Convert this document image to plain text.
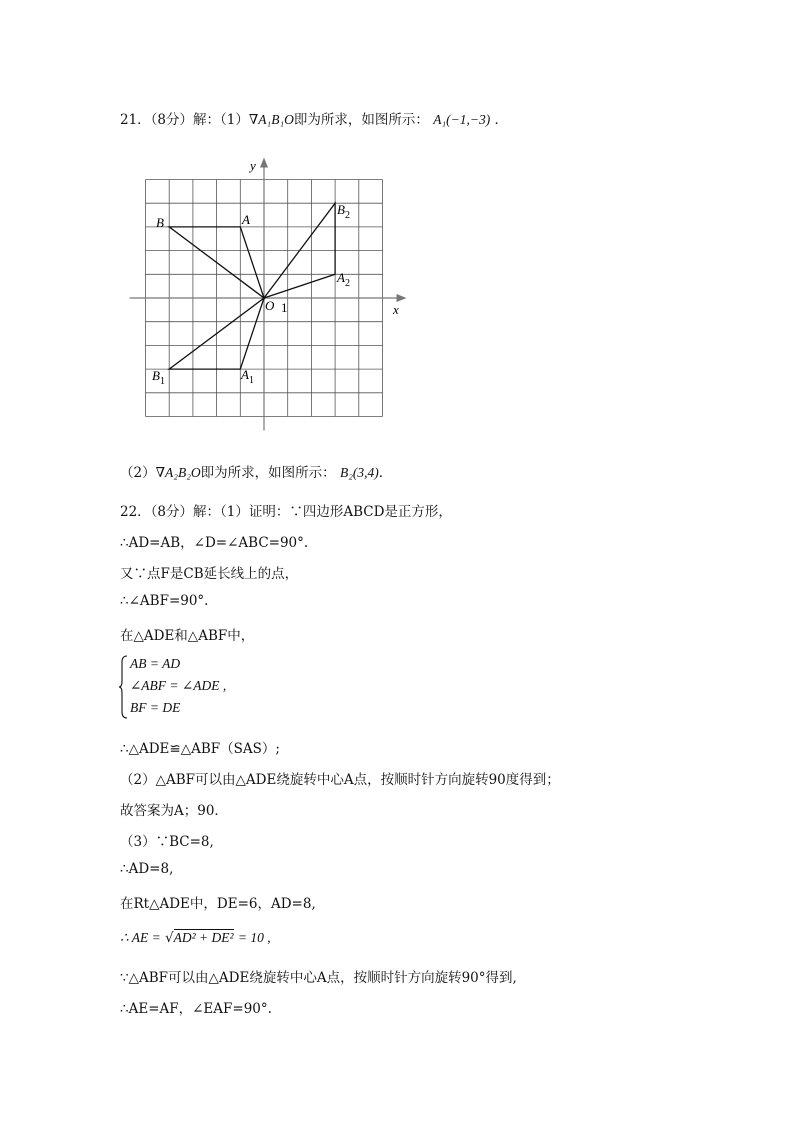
21．（8分）解：（1）∇A₁B₁O即为所求，如图所示： A₁(−1,−3) ．
y
x
O 1
B	A
$B_2$
$A_2$
$B_1$	$A_1$
（2）∇A₂B₂O即为所求，如图所示： B₂(3,4)．
22．（8分）解：（1）证明：∵四边形ABCD是正方形，
∴AD=AB，∠D=∠ABC=90°.
又∵点F是CB延长线上的点，
∴∠ABF=90°.
在△ADE和△ABF中，
AB = AD
∠ABF = ∠ADE ,
BF = DE
∴△ADE≌△ABF（SAS）;
（2）△ABF可以由△ADE绕旋转中心A点，按顺时针方向旋转90度得到；
故答案为A；90．
（3）∵BC=8,
∴AD=8,
在Rt△ADE中，DE=6，AD=8,
∴ AE = √AD² + DE² = 10 ,
∵△ABF可以由△ADE绕旋转中心A点，按顺时针方向旋转90°得到,
∴AE=AF，∠EAF=90°.
